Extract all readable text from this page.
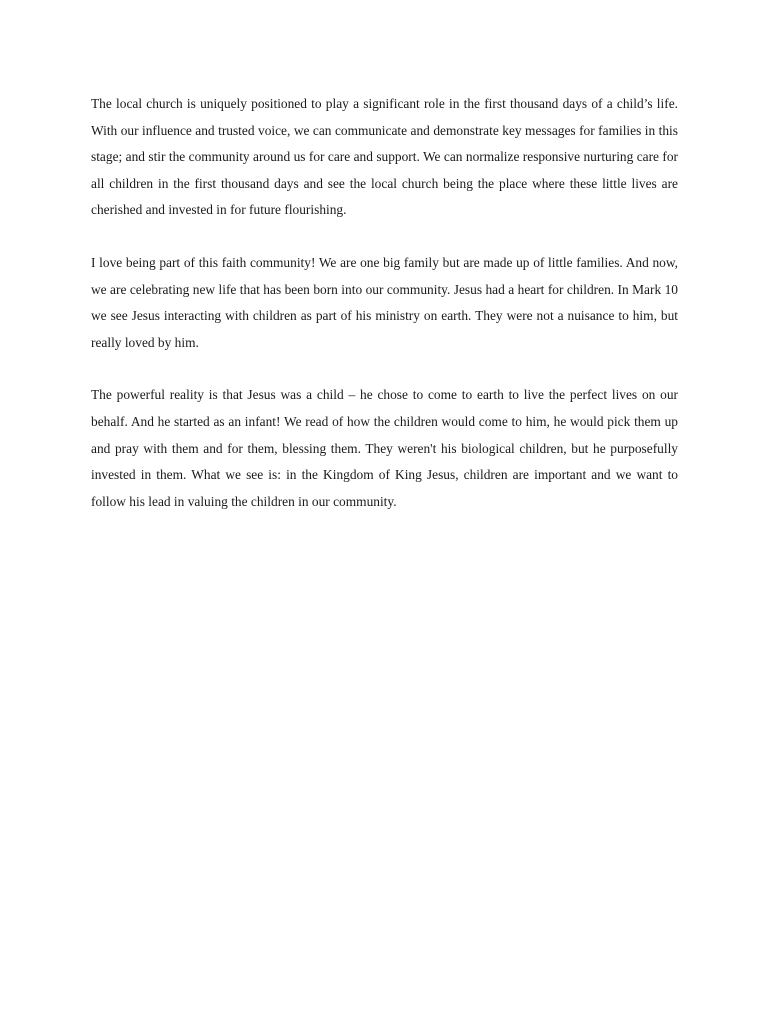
The local church is uniquely positioned to play a significant role in the first thousand days of a child’s life. With our influence and trusted voice, we can communicate and demonstrate key messages for families in this stage; and stir the community around us for care and support. We can normalize responsive nurturing care for all children in the first thousand days and see the local church being the place where these little lives are cherished and invested in for future flourishing.

I love being part of this faith community! We are one big family but are made up of little families. And now, we are celebrating new life that has been born into our community. Jesus had a heart for children. In Mark 10 we see Jesus interacting with children as part of his ministry on earth. They were not a nuisance to him, but really loved by him.

The powerful reality is that Jesus was a child – he chose to come to earth to live the perfect lives on our behalf. And he started as an infant! We read of how the children would come to him, he would pick them up and pray with them and for them, blessing them. They weren't his biological children, but he purposefully invested in them. What we see is: in the Kingdom of King Jesus, children are important and we want to follow his lead in valuing the children in our community.
